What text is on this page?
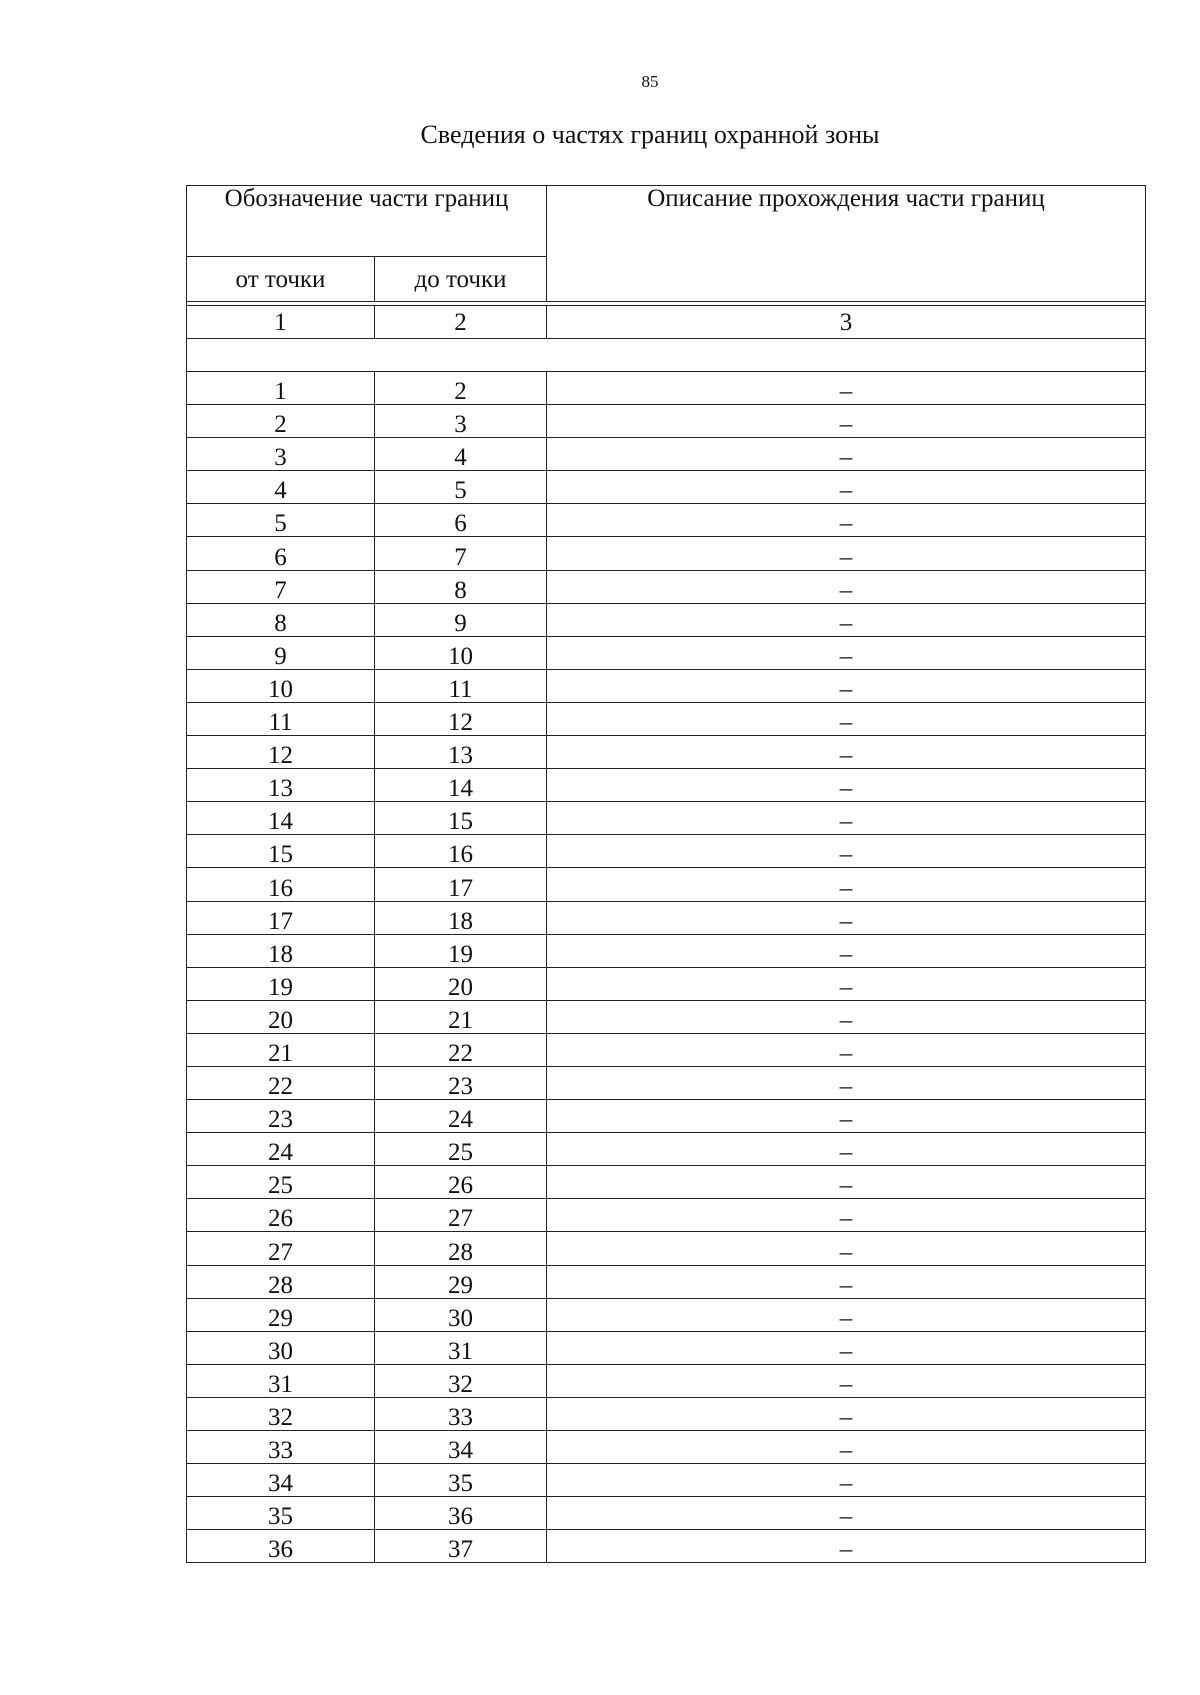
85
Сведения о частях границ охранной зоны
Обозначение части границ		Описание прохождения части границ
от точки	до точки	

1	2	3

1	2	–
2	3	–
3	4	–
4	5	–
5	6	–
6	7	–
7	8	–
8	9	–
9	10	–
10	11	–
11	12	–
12	13	–
13	14	–
14	15	–
15	16	–
16	17	–
17	18	–
18	19	–
19	20	–
20	21	–
21	22	–
22	23	–
23	24	–
24	25	–
25	26	–
26	27	–
27	28	–
28	29	–
29	30	–
30	31	–
31	32	–
32	33	–
33	34	–
34	35	–
35	36	–
36	37	–
